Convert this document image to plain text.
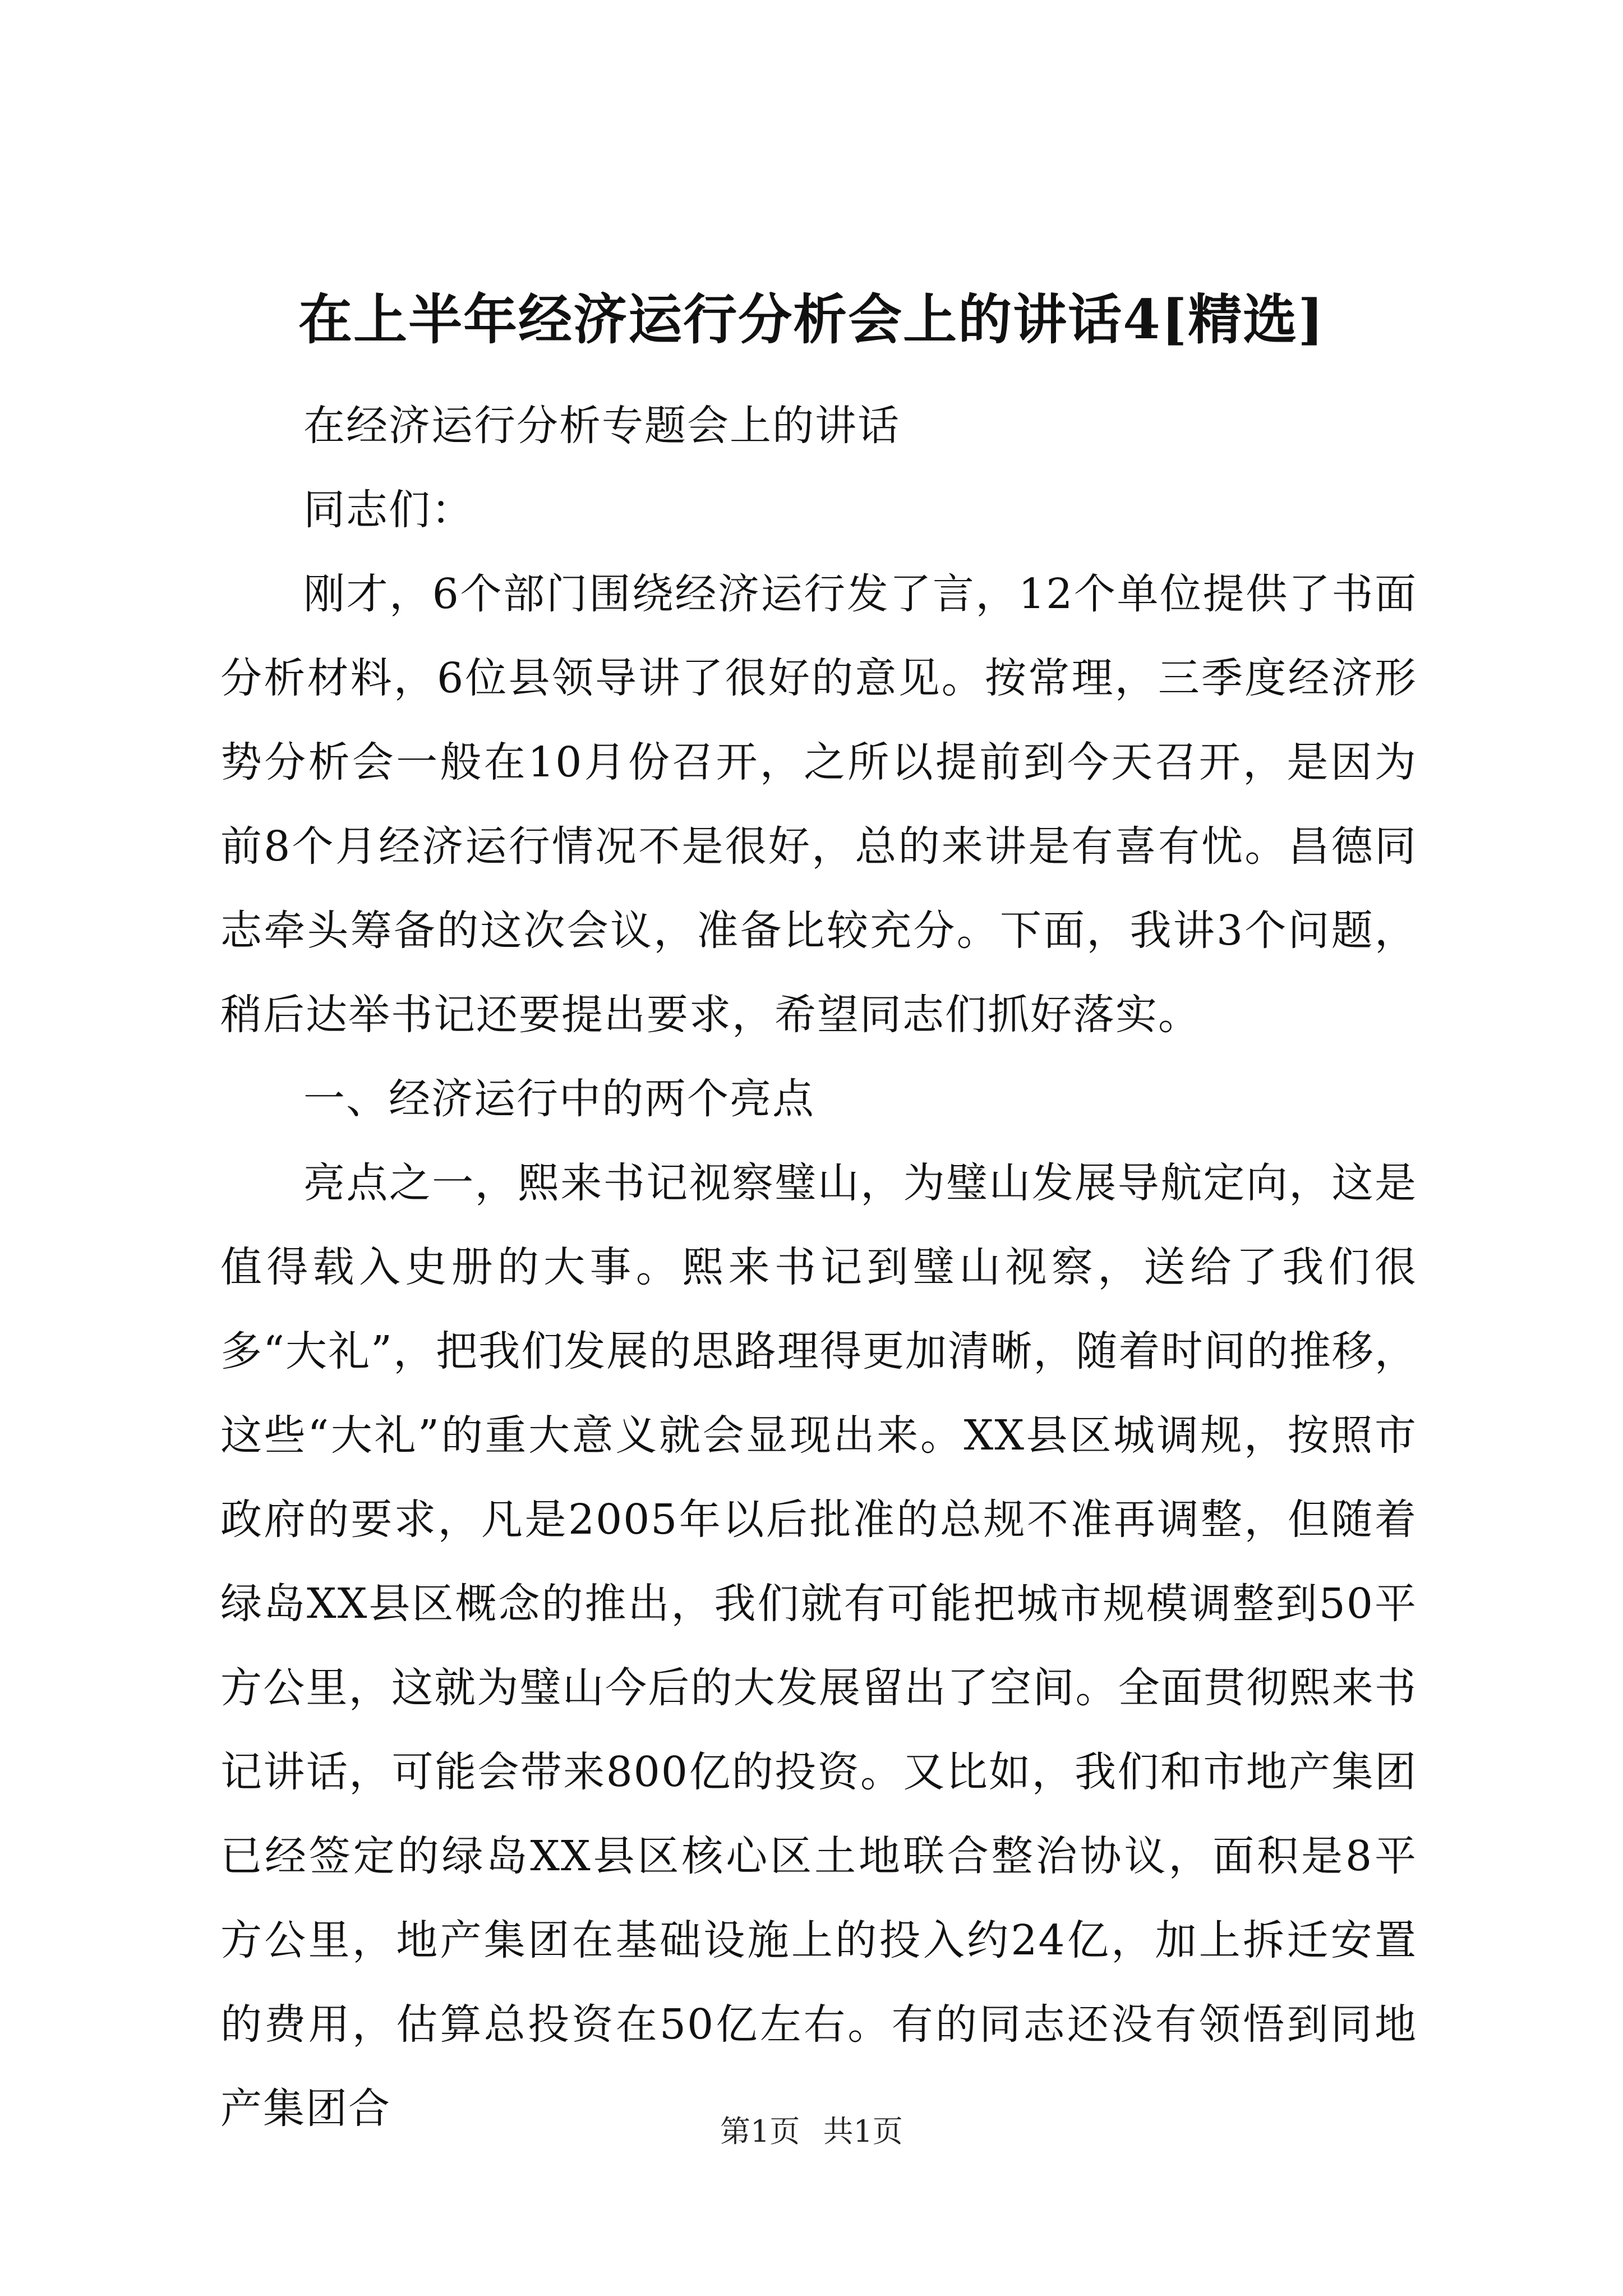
在上半年经济运行分析会上的讲话4[精选]

在经济运行分析专题会上的讲话

同志们：

刚才，6个部门围绕经济运行发了言，12个单位提供了书面分析材料，6位县领导讲了很好的意见。按常理，三季度经济形势分析会一般在10月份召开，之所以提前到今天召开，是因为前8个月经济运行情况不是很好，总的来讲是有喜有忧。昌德同志牵头筹备的这次会议，准备比较充分。下面，我讲3个问题，稍后达举书记还要提出要求，希望同志们抓好落实。

一、经济运行中的两个亮点

亮点之一，熙来书记视察璧山，为璧山发展导航定向，这是值得载入史册的大事。熙来书记到璧山视察，送给了我们很多“大礼”，把我们发展的思路理得更加清晰，随着时间的推移，这些“大礼”的重大意义就会显现出来。XX县区城调规，按照市政府的要求，凡是2005年以后批准的总规不准再调整，但随着绿岛XX县区概念的推出，我们就有可能把城市规模调整到50平方公里，这就为璧山今后的大发展留出了空间。全面贯彻熙来书记讲话，可能会带来800亿的投资。又比如，我们和市地产集团已经签定的绿岛XX县区核心区土地联合整治协议，面积是8平方公里，地产集团在基础设施上的投入约24亿，加上拆迁安置的费用，估算总投资在50亿左右。有的同志还没有领悟到同地产集团合	第1页 共1页
